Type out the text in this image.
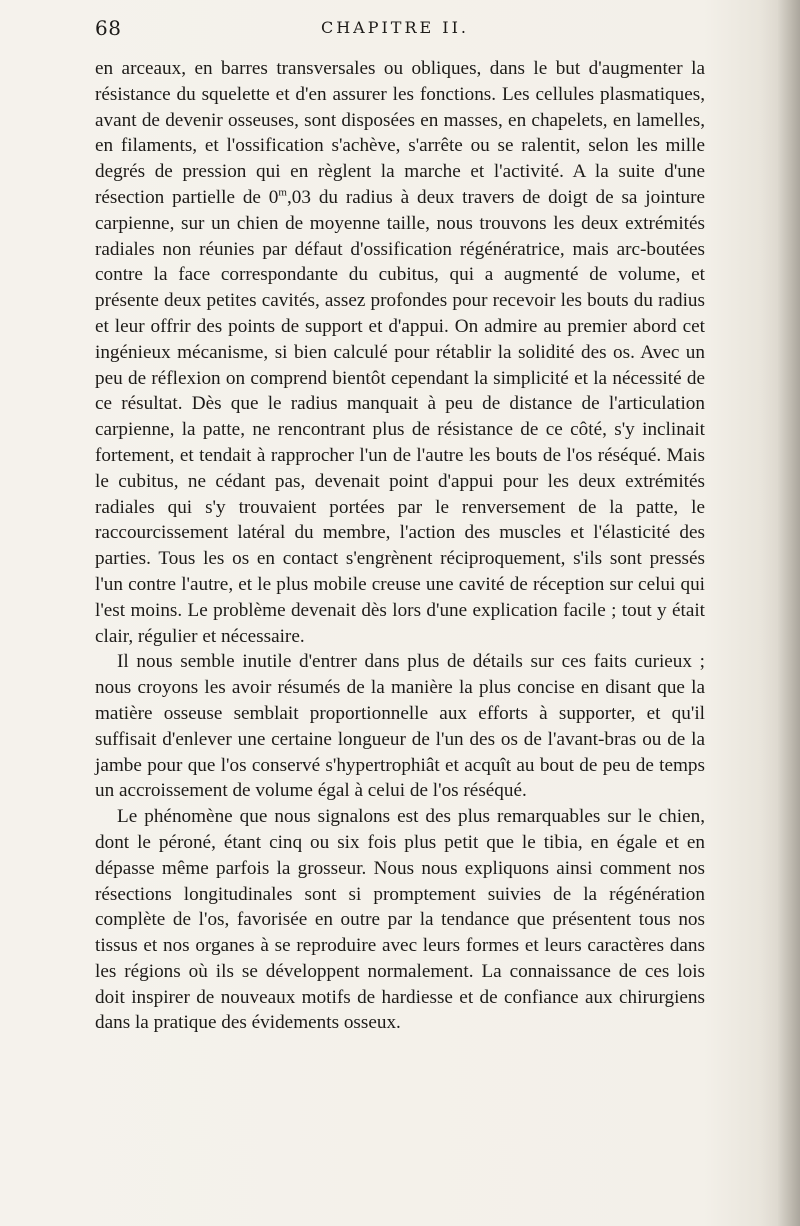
68	CHAPITRE II.

en arceaux, en barres transversales ou obliques, dans le but d'augmenter la résistance du squelette et d'en assurer les fonctions. Les cellules plasmatiques, avant de devenir osseuses, sont disposées en masses, en chapelets, en lamelles, en filaments, et l'ossification s'achève, s'arrête ou se ralentit, selon les mille degrés de pression qui en règlent la marche et l'activité. A la suite d'une résection partielle de 0$^m$,03 du radius à deux travers de doigt de sa jointure carpienne, sur un chien de moyenne taille, nous trouvons les deux extrémités radiales non réunies par défaut d'ossification régénératrice, mais arc-boutées contre la face correspondante du cubitus, qui a augmenté de volume, et présente deux petites cavités, assez profondes pour recevoir les bouts du radius et leur offrir des points de support et d'appui. On admire au premier abord cet ingénieux mécanisme, si bien calculé pour rétablir la solidité des os. Avec un peu de réflexion on comprend bientôt cependant la simplicité et la nécessité de ce résultat. Dès que le radius manquait à peu de distance de l'articulation carpienne, la patte, ne rencontrant plus de résistance de ce côté, s'y inclinait fortement, et tendait à rapprocher l'un de l'autre les bouts de l'os réséqué. Mais le cubitus, ne cédant pas, devenait point d'appui pour les deux extrémités radiales qui s'y trouvaient portées par le renversement de la patte, le raccourcissement latéral du membre, l'action des muscles et l'élasticité des parties. Tous les os en contact s'engrènent réciproquement, s'ils sont pressés l'un contre l'autre, et le plus mobile creuse une cavité de réception sur celui qui l'est moins. Le problème devenait dès lors d'une explication facile ; tout y était clair, régulier et nécessaire.

Il nous semble inutile d'entrer dans plus de détails sur ces faits curieux ; nous croyons les avoir résumés de la manière la plus concise en disant que la matière osseuse semblait proportionnelle aux efforts à supporter, et qu'il suffisait d'enlever une certaine longueur de l'un des os de l'avant-bras ou de la jambe pour que l'os conservé s'hypertrophiât et acquît au bout de peu de temps un accroissement de volume égal à celui de l'os réséqué.

Le phénomène que nous signalons est des plus remarquables sur le chien, dont le péroné, étant cinq ou six fois plus petit que le tibia, en égale et en dépasse même parfois la grosseur. Nous nous expliquons ainsi comment nos résections longitudinales sont si promptement suivies de la régénération complète de l'os, favorisée en outre par la tendance que présentent tous nos tissus et nos organes à se reproduire avec leurs formes et leurs caractères dans les régions où ils se développent normalement. La connaissance de ces lois doit inspirer de nouveaux motifs de hardiesse et de confiance aux chirurgiens dans la pratique des évidements osseux.
